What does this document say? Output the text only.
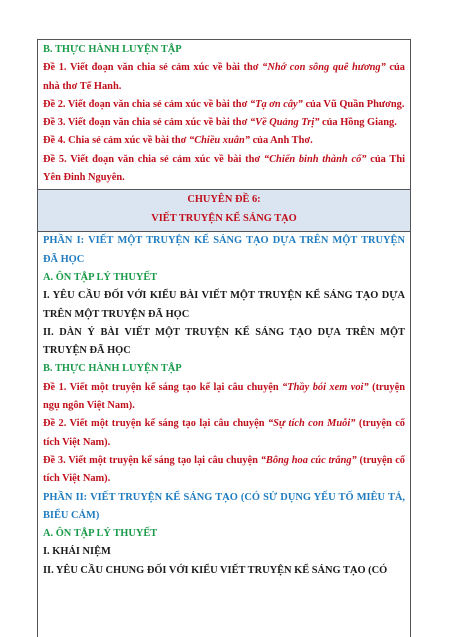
B. THỰC HÀNH LUYỆN TẬP

Đề 1. Viết đoạn văn chia sẻ cảm xúc về bài thơ “Nhớ con sông quê hương” của nhà thơ Tế Hanh.

Đề 2. Viết đoạn văn chia sẻ cảm xúc về bài thơ “Tạ ơn cây” của Vũ Quần Phương.

Đề 3. Viết đoạn văn chia sẻ cảm xúc về bài thơ “Về Quảng Trị” của Hồng Giang.

Đề 4. Chia sẻ cảm xúc về bài thơ “Chiều xuân” của Anh Thơ.

Đề 5. Viết đoạn văn chia sẻ cảm xúc về bài thơ “Chiến binh thành cổ” của Thi Yên Đinh Nguyên.

CHUYÊN ĐỀ 6:

VIẾT TRUYỆN KỂ SÁNG TẠO

PHẦN I: VIẾT MỘT TRUYỆN KỂ SÁNG TẠO DỰA TRÊN MỘT TRUYỆN ĐÃ HỌC

A. ÔN TẬP LÝ THUYẾT

I. YÊU CẦU ĐỐI VỚI KIỂU BÀI VIẾT MỘT TRUYỆN KỂ SÁNG TẠO DỰA TRÊN MỘT TRUYỆN ĐÃ HỌC

II. DÀN Ý BÀI VIẾT MỘT TRUYỆN KỂ SÁNG TẠO DỰA TRÊN MỘT TRUYỆN ĐÃ HỌC

B. THỰC HÀNH LUYỆN TẬP

Đề 1. Viết một truyện kể sáng tạo kể lại câu chuyện “Thầy bói xem voi” (truyện ngụ ngôn Việt Nam).

Đề 2. Viết một truyện kể sáng tạo lại câu chuyện “Sự tích con Muỗi” (truyện cổ tích Việt Nam).

Đề 3. Viết một truyện kể sáng tạo lại câu chuyện “Bông hoa cúc trắng” (truyện cổ tích Việt Nam).

PHẦN II: VIẾT TRUYỆN KỂ SÁNG TẠO (CÓ SỬ DỤNG YẾU TỐ MIÊU TẢ, BIỂU CẢM)

A. ÔN TẬP LÝ THUYẾT

I. KHÁI NIỆM

II. YÊU CẦU CHUNG ĐỐI VỚI KIỂU VIẾT TRUYỆN KỂ SÁNG TẠO (CÓ
